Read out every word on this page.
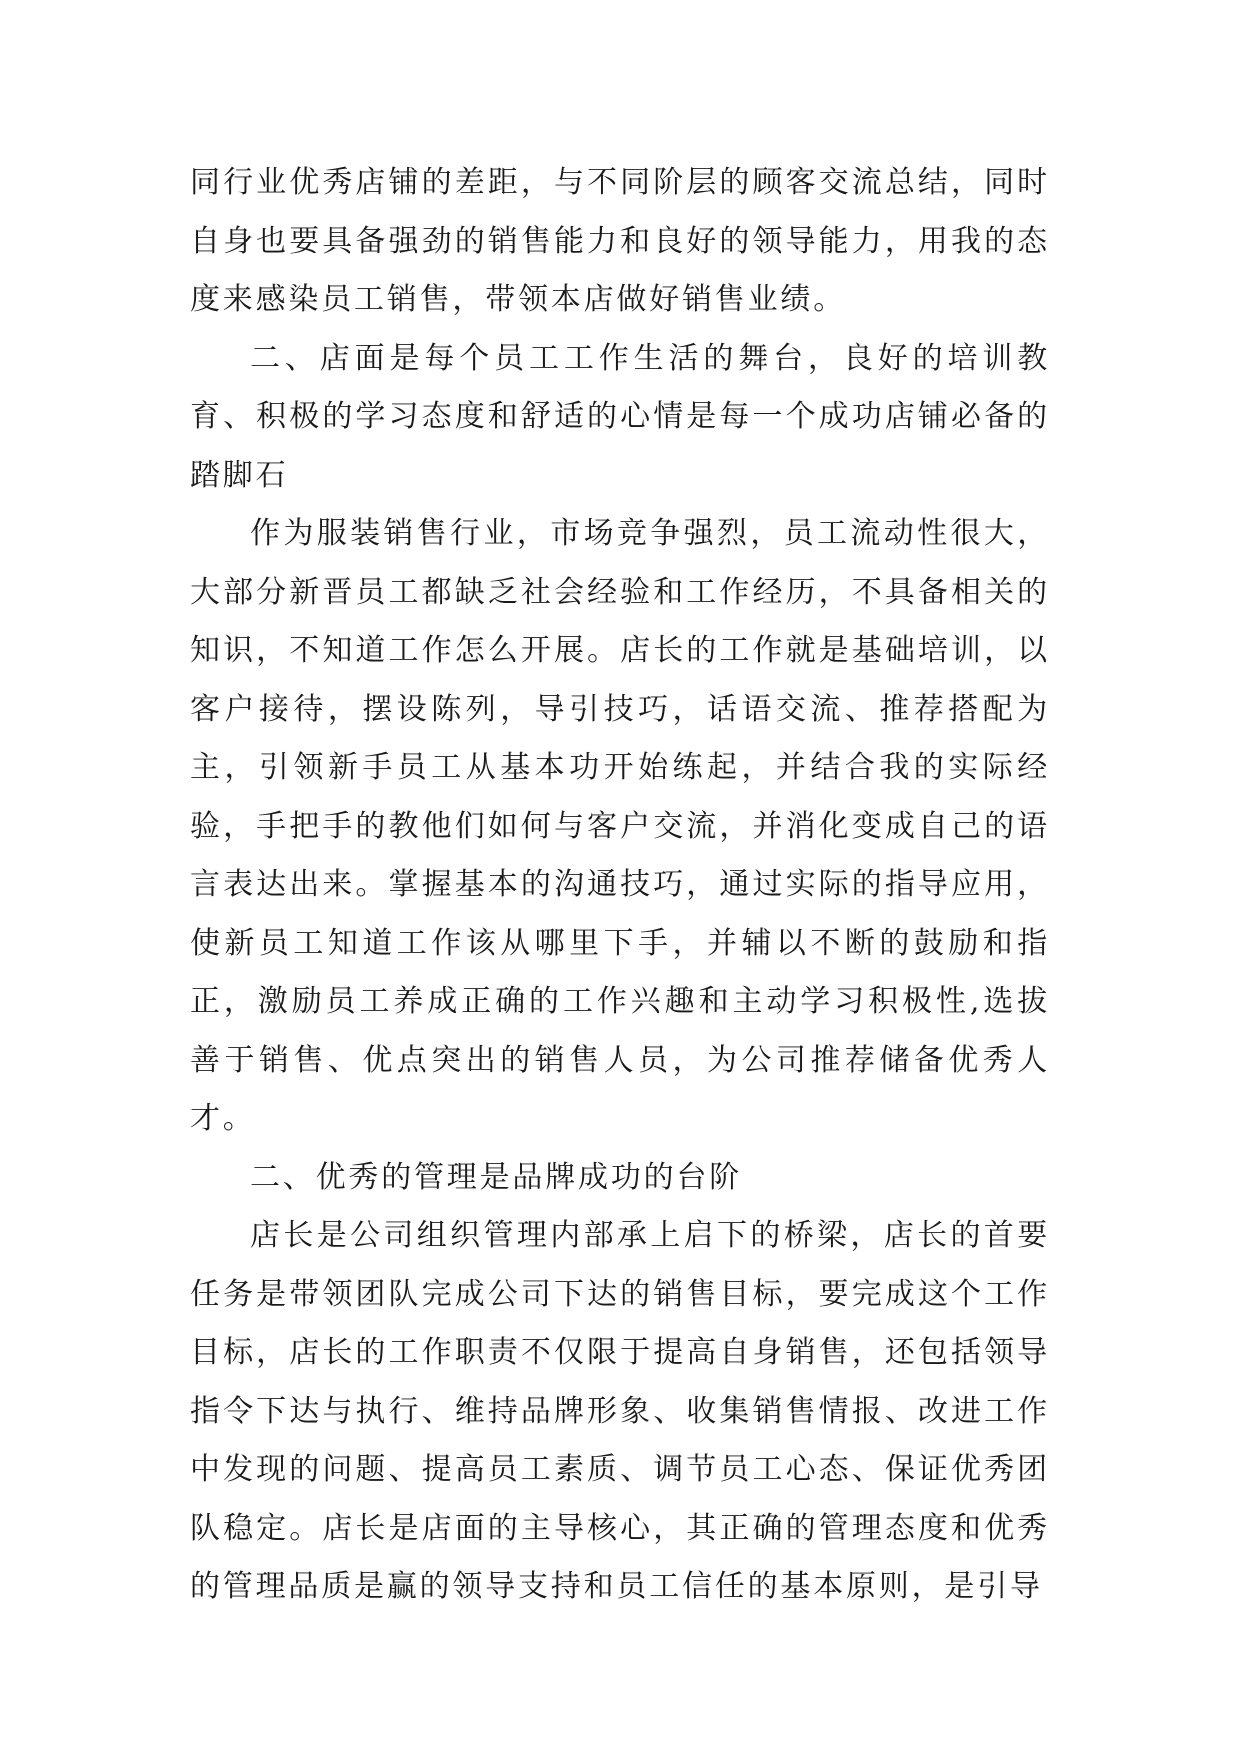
同行业优秀店铺的差距，与不同阶层的顾客交流总结，同时自身也要具备强劲的销售能力和良好的领导能力，用我的态度来感染员工销售，带领本店做好销售业绩。

二、店面是每个员工工作生活的舞台，良好的培训教育、积极的学习态度和舒适的心情是每一个成功店铺必备的踏脚石

作为服装销售行业，市场竞争强烈，员工流动性很大，大部分新晋员工都缺乏社会经验和工作经历，不具备相关的知识，不知道工作怎么开展。店长的工作就是基础培训，以客户接待，摆设陈列，导引技巧，话语交流、推荐搭配为主，引领新手员工从基本功开始练起，并结合我的实际经验，手把手的教他们如何与客户交流，并消化变成自己的语言表达出来。掌握基本的沟通技巧，通过实际的指导应用，使新员工知道工作该从哪里下手，并辅以不断的鼓励和指正，激励员工养成正确的工作兴趣和主动学习积极性,选拔善于销售、优点突出的销售人员，为公司推荐储备优秀人才。

二、优秀的管理是品牌成功的台阶

店长是公司组织管理内部承上启下的桥梁，店长的首要任务是带领团队完成公司下达的销售目标，要完成这个工作目标，店长的工作职责不仅限于提高自身销售，还包括领导指令下达与执行、维持品牌形象、收集销售情报、改进工作中发现的问题、提高员工素质、调节员工心态、保证优秀团队稳定。店长是店面的主导核心，其正确的管理态度和优秀的管理品质是赢的领导支持和员工信任的基本原则，是引导
